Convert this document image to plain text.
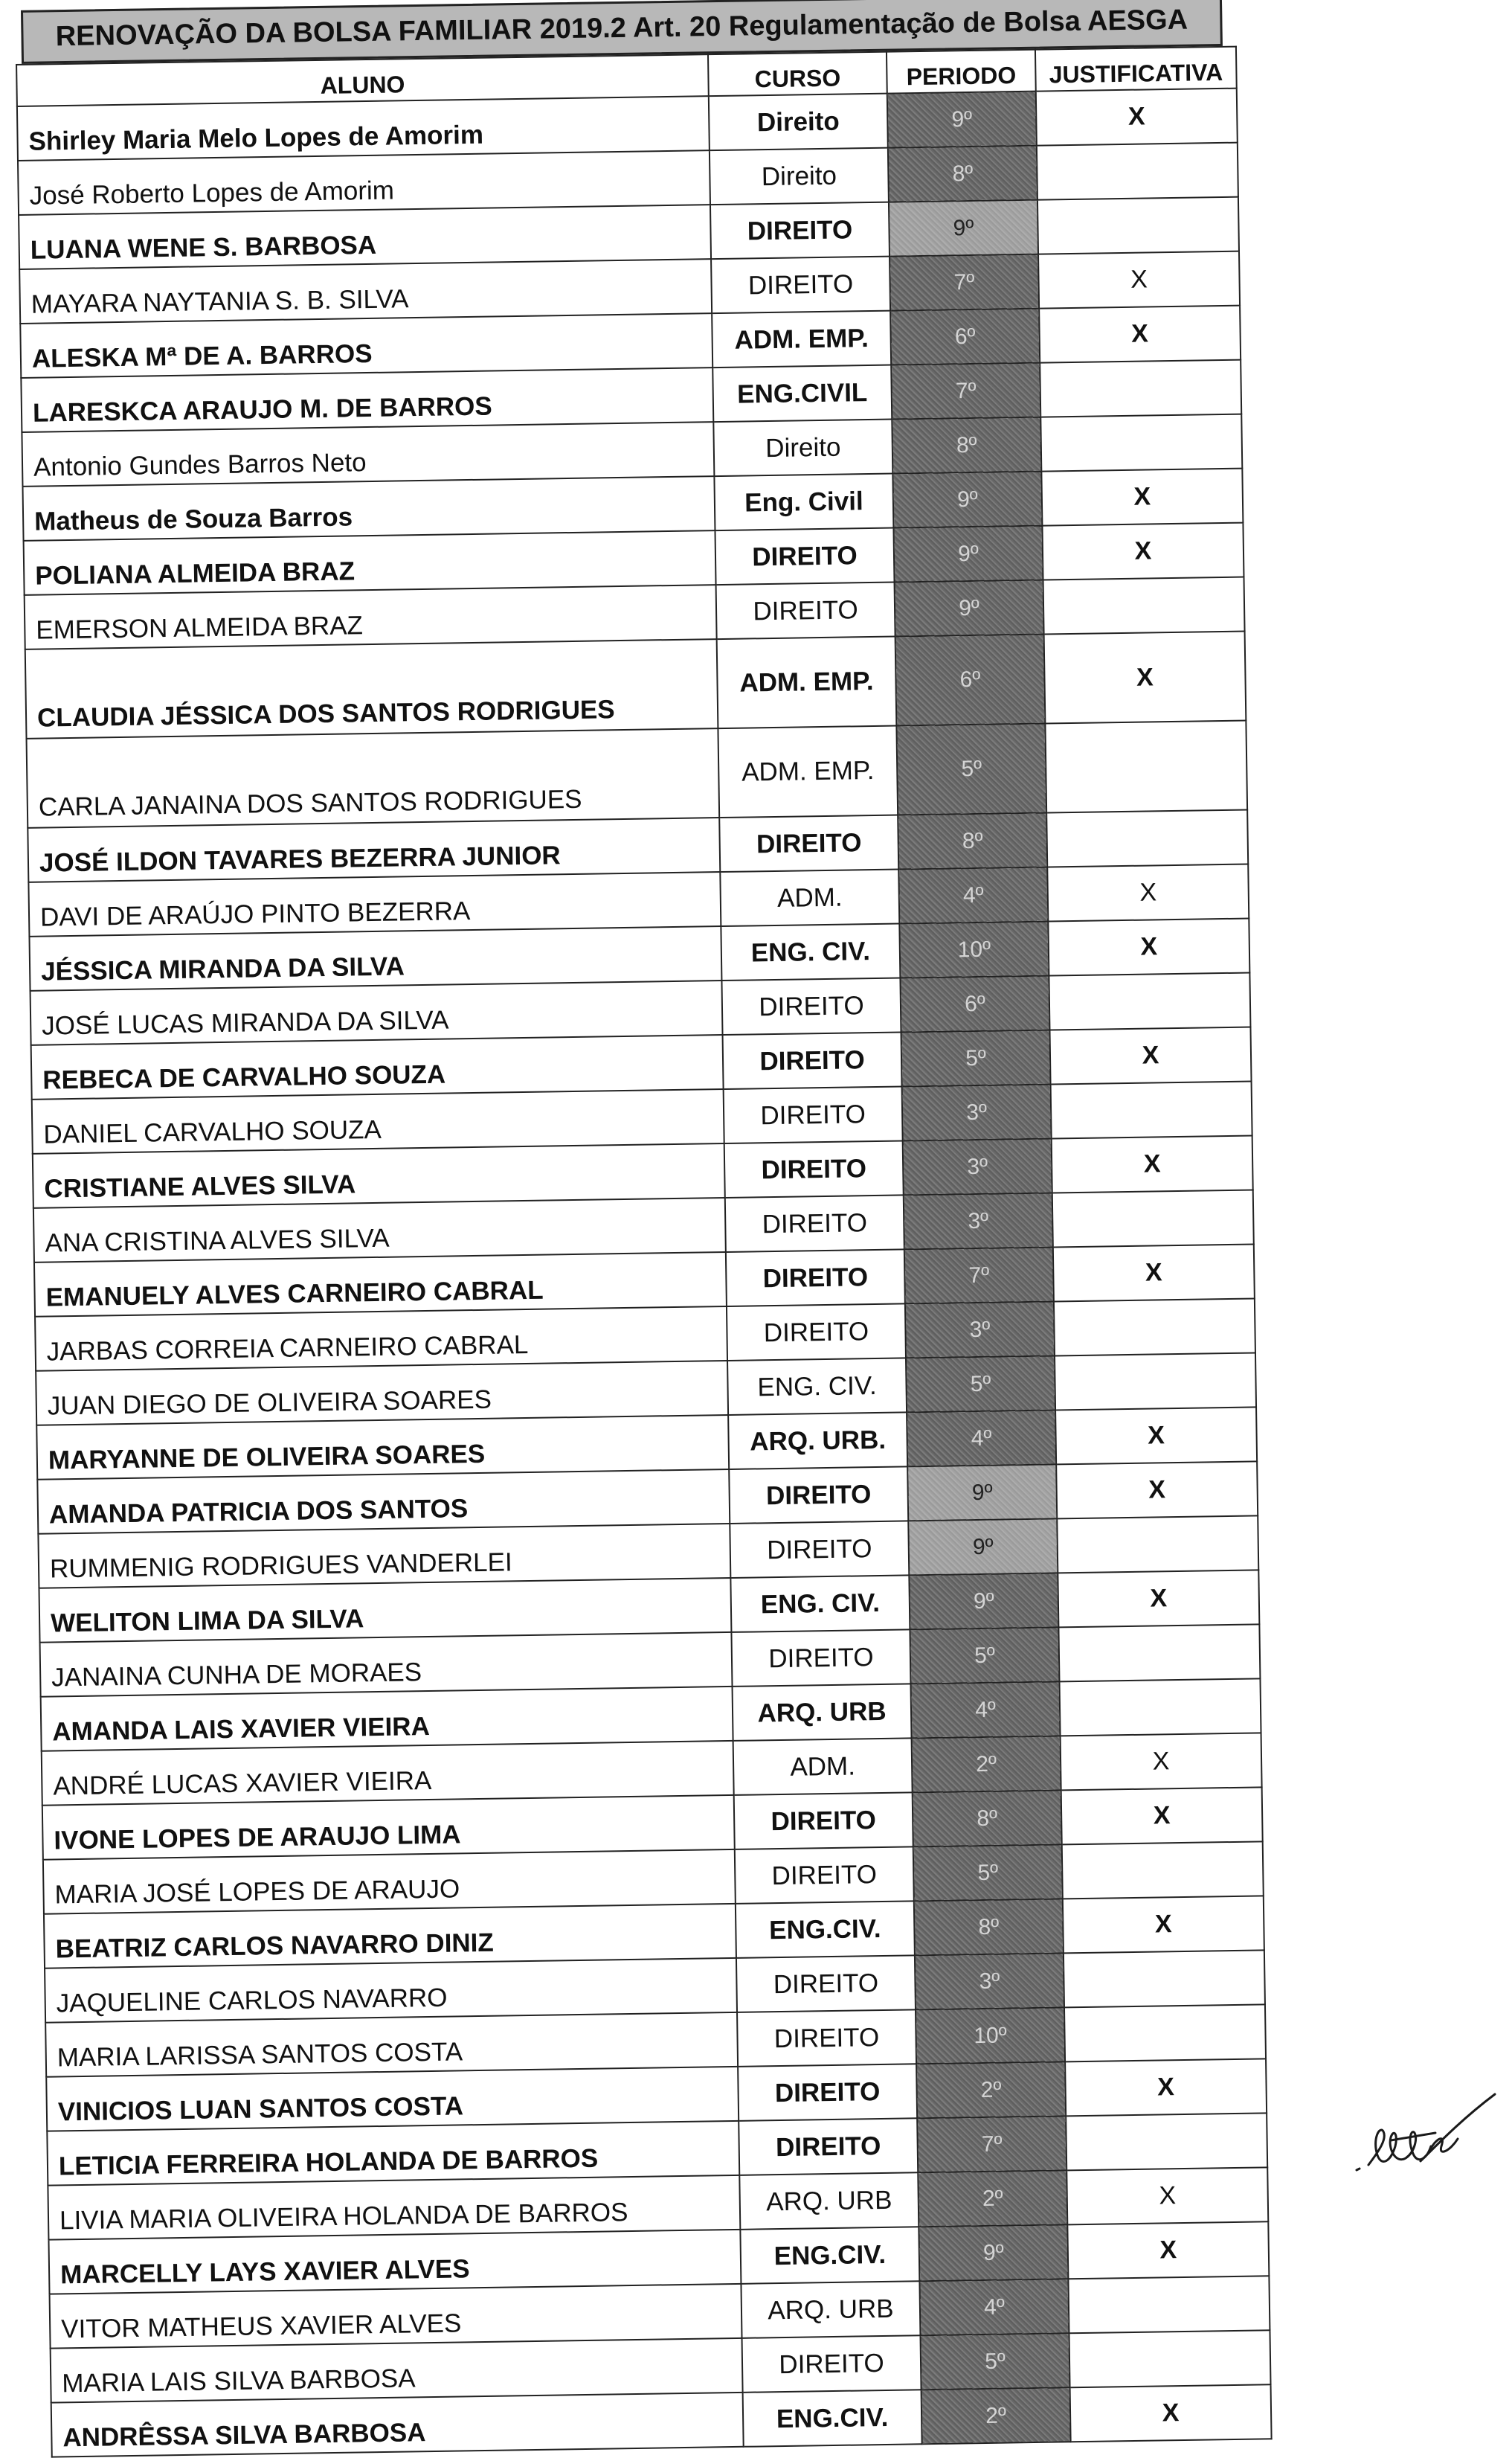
RENOVAÇÃO DA BOLSA FAMILIAR 2019.2 Art. 20 Regulamentação de Bolsa AESGA
ALUNO	CURSO	PERIODO	JUSTIFICATIVA
Shirley Maria Melo Lopes de Amorim	Direito	9º	X
José Roberto Lopes de Amorim	Direito	8º	
LUANA WENE S. BARBOSA	DIREITO	9º	
MAYARA NAYTANIA S. B. SILVA	DIREITO	7º	X
ALESKA Mª DE A. BARROS	ADM. EMP.	6º	X
LARESKCA ARAUJO M. DE BARROS	ENG.CIVIL	7º	
Antonio Gundes Barros Neto	Direito	8º	
Matheus de Souza Barros	Eng. Civil	9º	X
POLIANA ALMEIDA BRAZ	DIREITO	9º	X
EMERSON ALMEIDA BRAZ	DIREITO	9º	
CLAUDIA JÉSSICA DOS SANTOS RODRIGUES	ADM. EMP.	6º	X
CARLA JANAINA DOS SANTOS RODRIGUES	ADM. EMP.	5º	
JOSÉ ILDON TAVARES BEZERRA JUNIOR	DIREITO	8º	
DAVI DE ARAÚJO PINTO BEZERRA	ADM.	4º	X
JÉSSICA MIRANDA DA SILVA	ENG. CIV.	10º	X
JOSÉ LUCAS MIRANDA DA SILVA	DIREITO	6º	
REBECA DE CARVALHO SOUZA	DIREITO	5º	X
DANIEL CARVALHO SOUZA	DIREITO	3º	
CRISTIANE ALVES SILVA	DIREITO	3º	X
ANA CRISTINA ALVES SILVA	DIREITO	3º	
EMANUELY ALVES CARNEIRO CABRAL	DIREITO	7º	X
JARBAS CORREIA CARNEIRO CABRAL	DIREITO	3º	
JUAN DIEGO DE OLIVEIRA SOARES	ENG. CIV.	5º	
MARYANNE DE OLIVEIRA SOARES	ARQ. URB.	4º	X
AMANDA PATRICIA DOS SANTOS	DIREITO	9º	X
RUMMENIG RODRIGUES VANDERLEI	DIREITO	9º	
WELITON LIMA DA SILVA	ENG. CIV.	9º	X
JANAINA CUNHA DE MORAES	DIREITO	5º	
AMANDA LAIS XAVIER VIEIRA	ARQ. URB	4º	
ANDRÉ LUCAS XAVIER VIEIRA	ADM.	2º	X
IVONE LOPES DE ARAUJO LIMA	DIREITO	8º	X
MARIA JOSÉ LOPES DE ARAUJO	DIREITO	5º	
BEATRIZ CARLOS NAVARRO DINIZ	ENG.CIV.	8º	X
JAQUELINE CARLOS NAVARRO	DIREITO	3º	
MARIA LARISSA SANTOS COSTA	DIREITO	10º	
VINICIOS LUAN SANTOS COSTA	DIREITO	2º	X
LETICIA FERREIRA HOLANDA DE BARROS	DIREITO	7º	
LIVIA MARIA OLIVEIRA HOLANDA DE BARROS	ARQ. URB	2º	X
MARCELLY LAYS XAVIER ALVES	ENG.CIV.	9º	X
VITOR MATHEUS XAVIER ALVES	ARQ. URB	4º	
MARIA LAIS SILVA BARBOSA	DIREITO	5º	
ANDRÊSSA SILVA BARBOSA	ENG.CIV.	2º	X
